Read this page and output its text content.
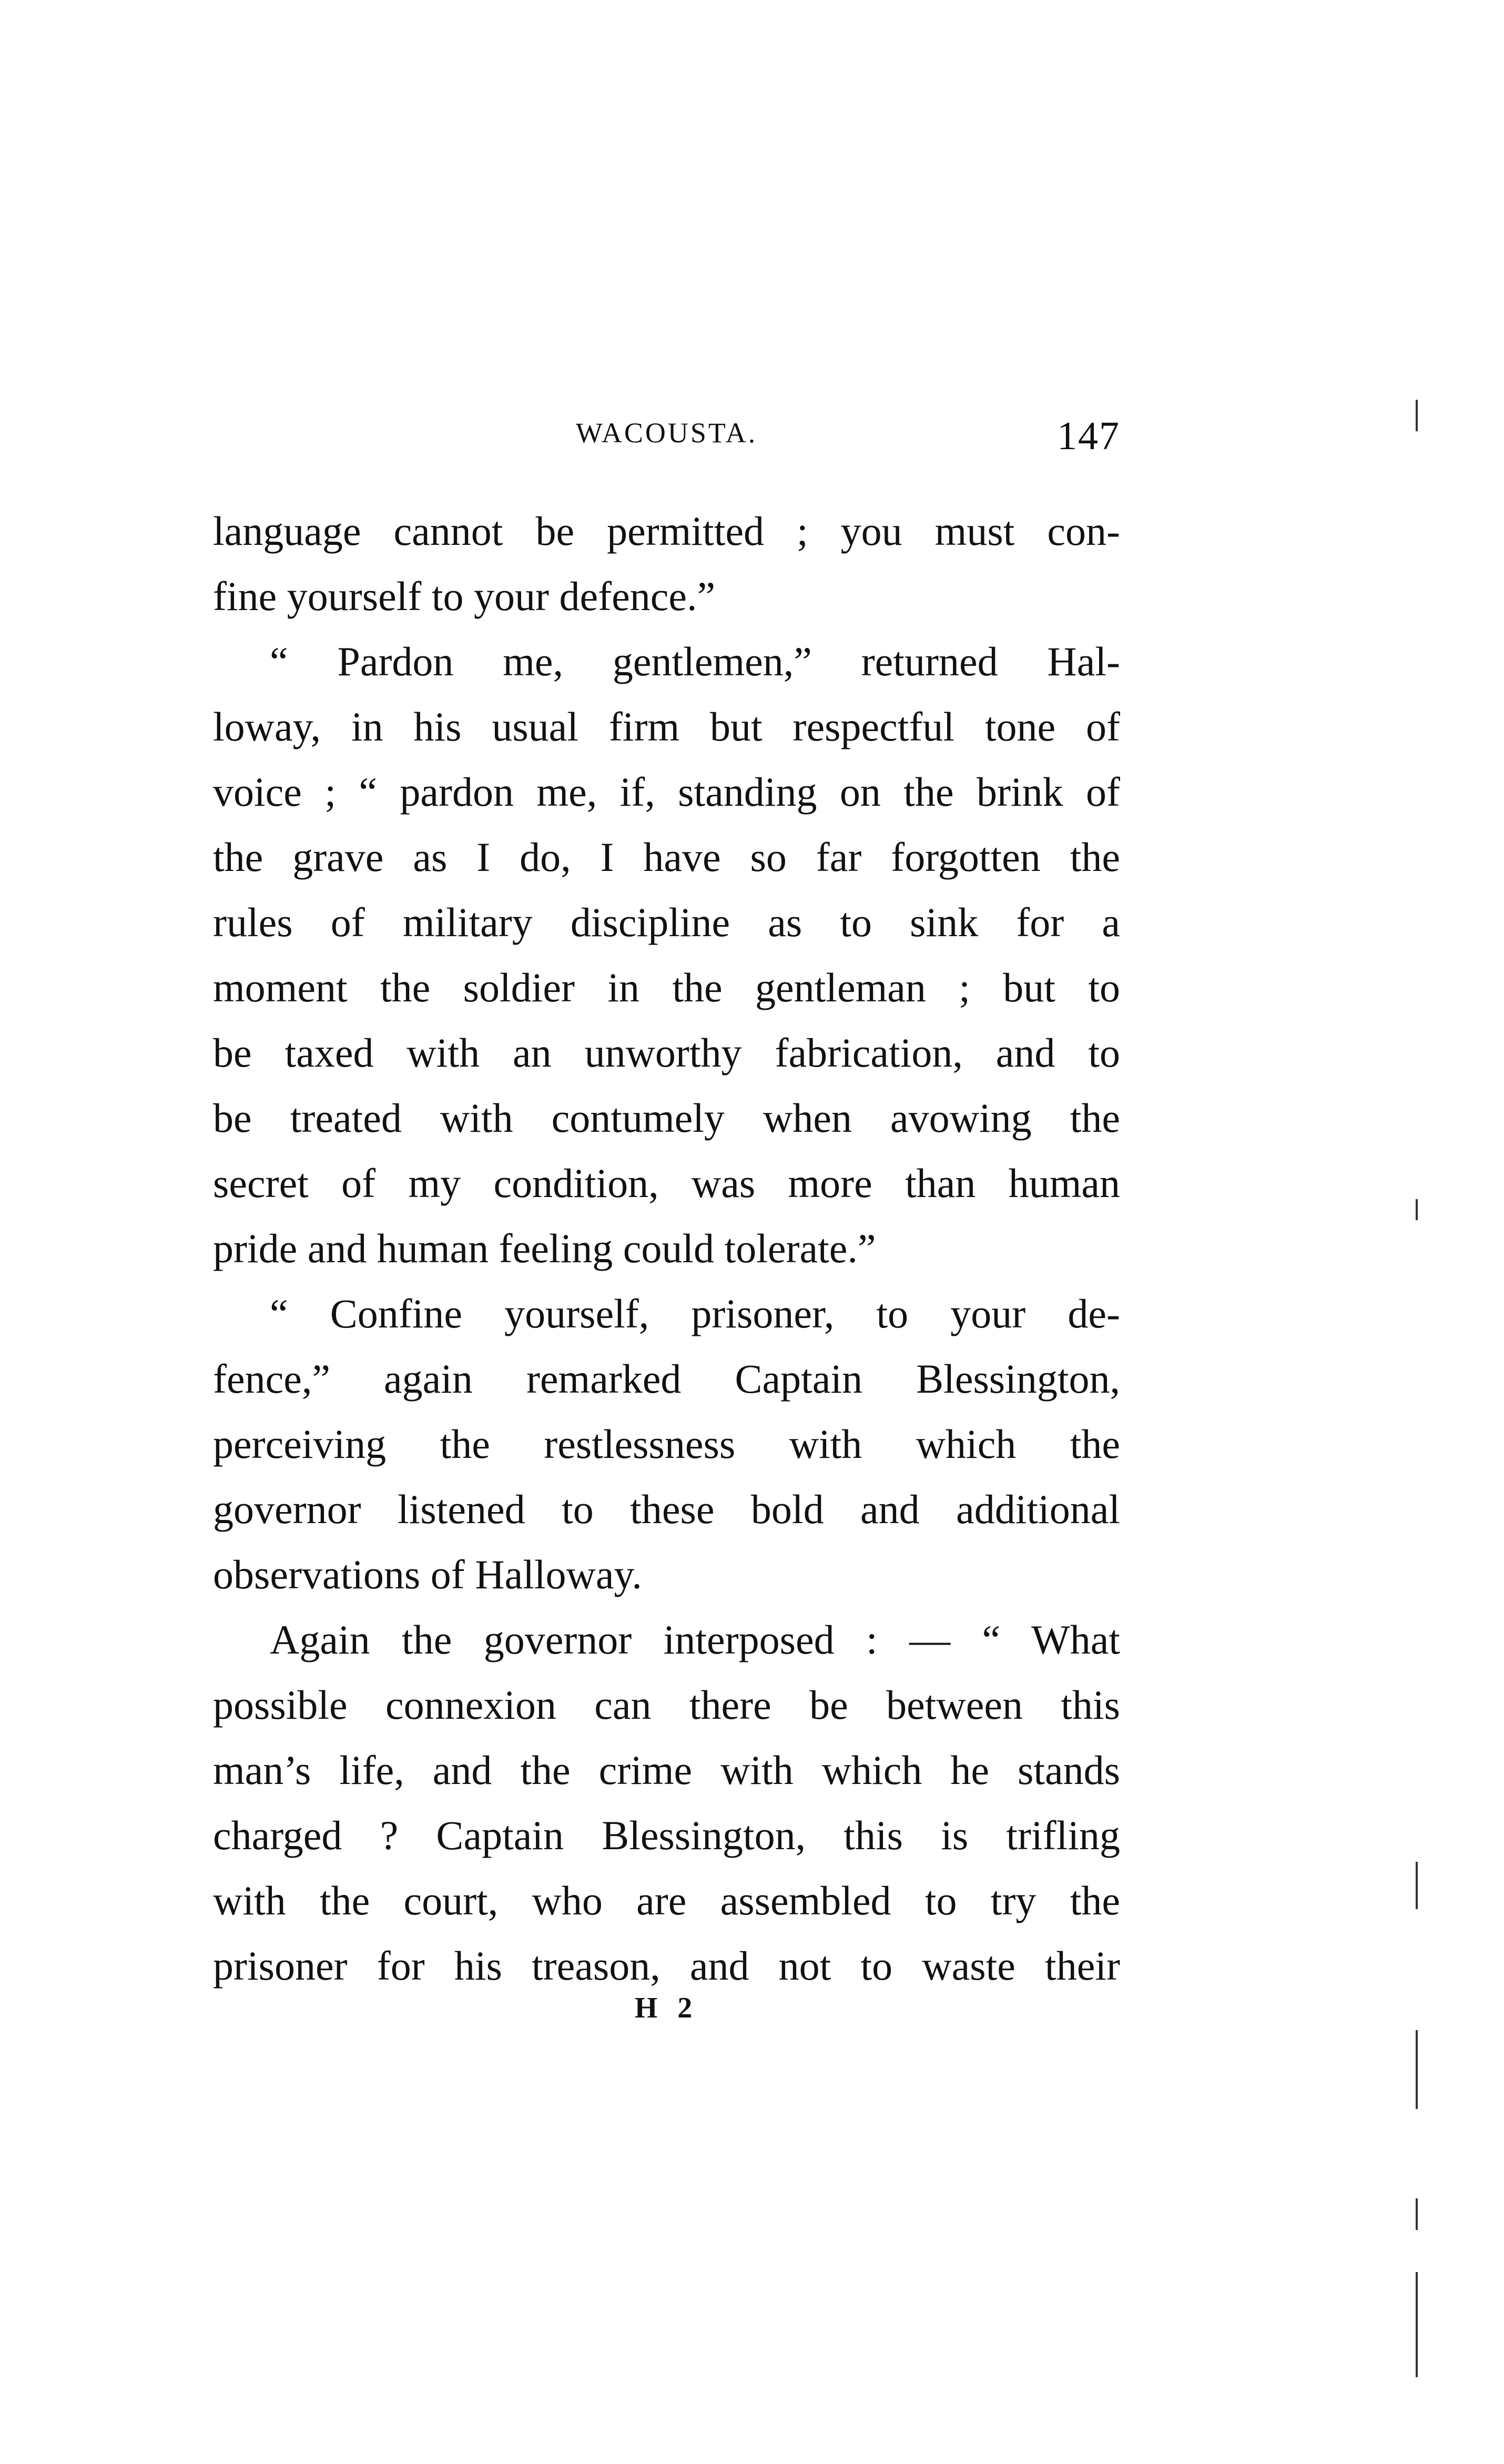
WACOUSTA.	147
language cannot be permitted ; you must con-
fine yourself to your defence.”
“ Pardon me, gentlemen,” returned Hal-
loway, in his usual firm but respectful tone of
voice ; “ pardon me, if, standing on the brink of
the grave as I do, I have so far forgotten the
rules of military discipline as to sink for a
moment the soldier in the gentleman ; but to
be taxed with an unworthy fabrication, and to
be treated with contumely when avowing the
secret of my condition, was more than human
pride and human feeling could tolerate.”
“ Confine yourself, prisoner, to your de-
fence,” again remarked Captain Blessington,
perceiving the restlessness with which the
governor listened to these bold and additional
observations of Halloway.
Again the governor interposed : — “ What
possible connexion can there be between this
man’s life, and the crime with which he stands
charged ? Captain Blessington, this is trifling
with the court, who are assembled to try the
prisoner for his treason, and not to waste their
H 2
